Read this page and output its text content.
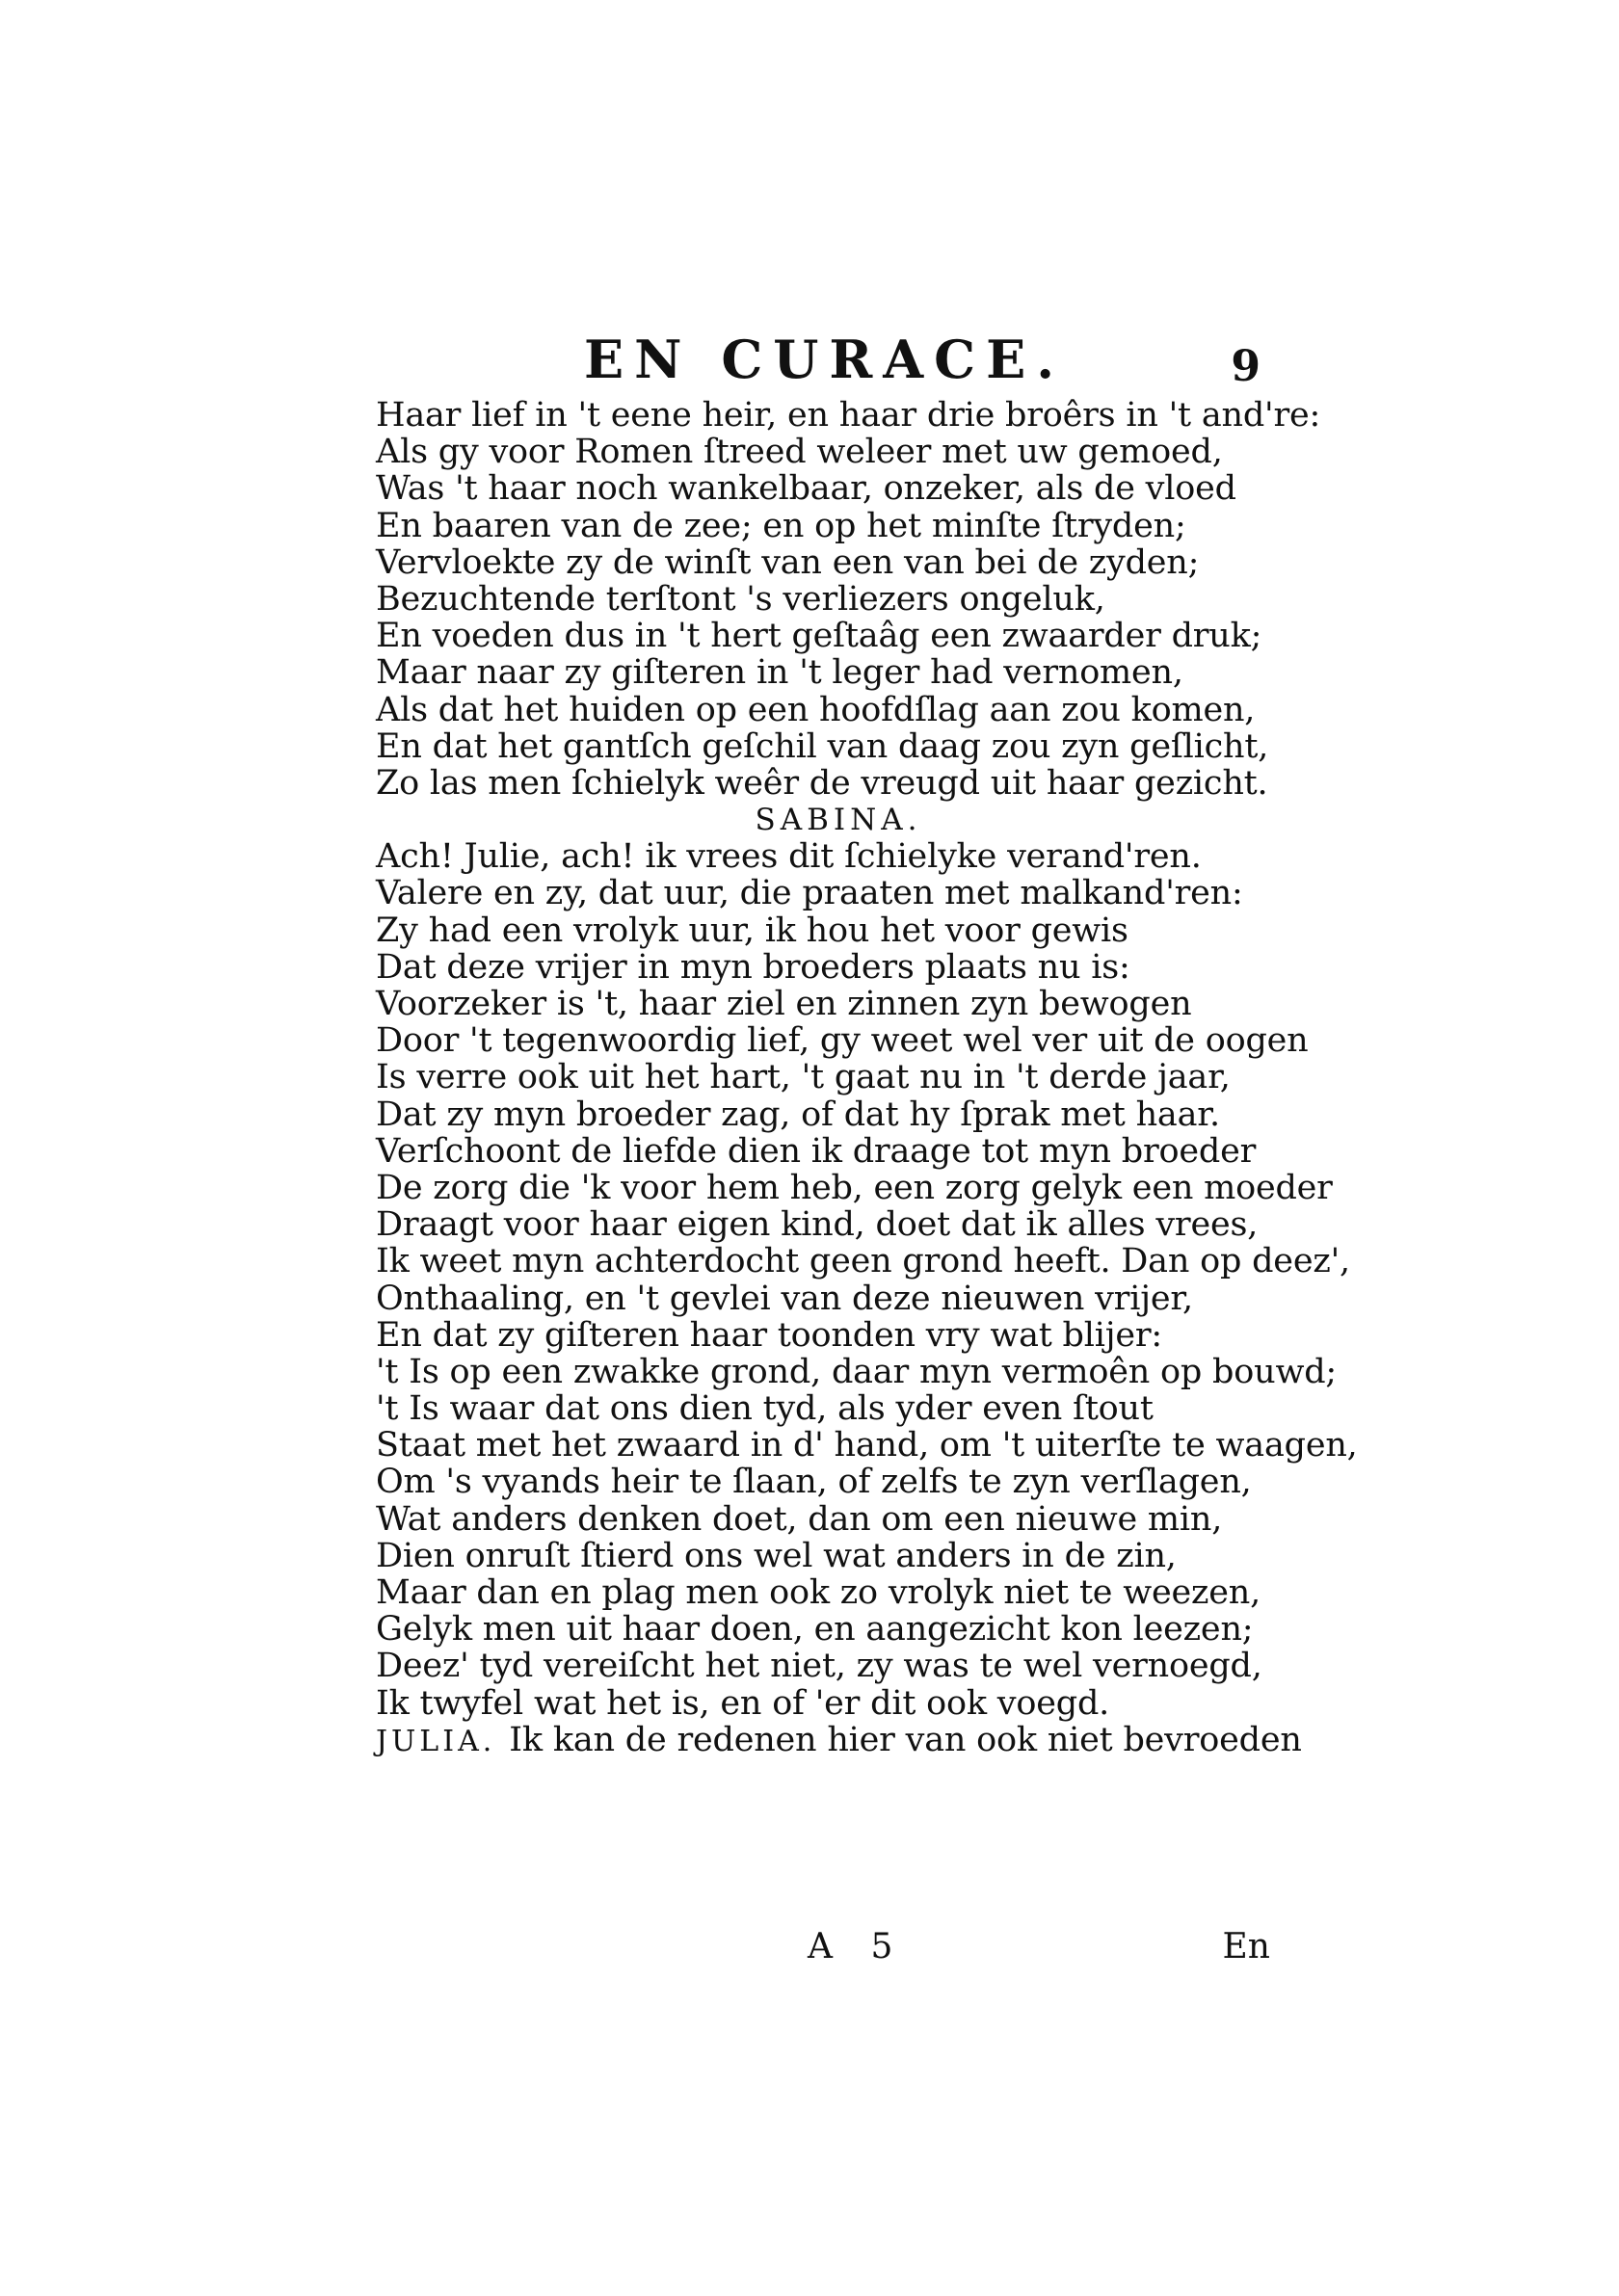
EN CURACE.	9
Haar lief in 't eene heir, en haar drie broêrs in 't and're:
Als gy voor Romen ſtreed weleer met uw gemoed,
Was 't haar noch wankelbaar, onzeker, als de vloed
En baaren van de zee; en op het minſte ſtryden;
Vervloekte zy de winſt van een van bei de zyden;
Bezuchtende terſtont 's verliezers ongeluk,
En voeden dus in 't hert geſtaâg een zwaarder druk;
Maar naar zy giſteren in 't leger had vernomen,
Als dat het huiden op een hoofdſlag aan zou komen,
En dat het gantſch geſchil van daag zou zyn geſlicht,
Zo las men ſchielyk weêr de vreugd uit haar gezicht.
SABINA.
Ach! Julie, ach! ik vrees dit ſchielyke verand'ren.
Valere en zy, dat uur, die praaten met malkand'ren:
Zy had een vrolyk uur, ik hou het voor gewis
Dat deze vrijer in myn broeders plaats nu is:
Voorzeker is 't, haar ziel en zinnen zyn bewogen
Door 't tegenwoordig lief, gy weet wel ver uit de oogen
Is verre ook uit het hart, 't gaat nu in 't derde jaar,
Dat zy myn broeder zag, of dat hy ſprak met haar.
Verſchoont de liefde dien ik draage tot myn broeder
De zorg die 'k voor hem heb, een zorg gelyk een moeder
Draagt voor haar eigen kind, doet dat ik alles vrees,
Ik weet myn achterdocht geen grond heeft. Dan op deez',
Onthaaling, en 't gevlei van deze nieuwen vrijer,
En dat zy giſteren haar toonden vry wat blijer:
't Is op een zwakke grond, daar myn vermoên op bouwd;
't Is waar dat ons dien tyd, als yder even ſtout
Staat met het zwaard in d' hand, om 't uiterſte te waagen,
Om 's vyands heir te ſlaan, of zelfs te zyn verſlagen,
Wat anders denken doet, dan om een nieuwe min,
Dien onruſt ſtierd ons wel wat anders in de zin,
Maar dan en plag men ook zo vrolyk niet te weezen,
Gelyk men uit haar doen, en aangezicht kon leezen;
Deez' tyd vereiſcht het niet, zy was te wel vernoegd,
Ik twyfel wat het is, en of 'er dit ook voegd.
JULIA. Ik kan de redenen hier van ook niet bevroeden
A 5	En
